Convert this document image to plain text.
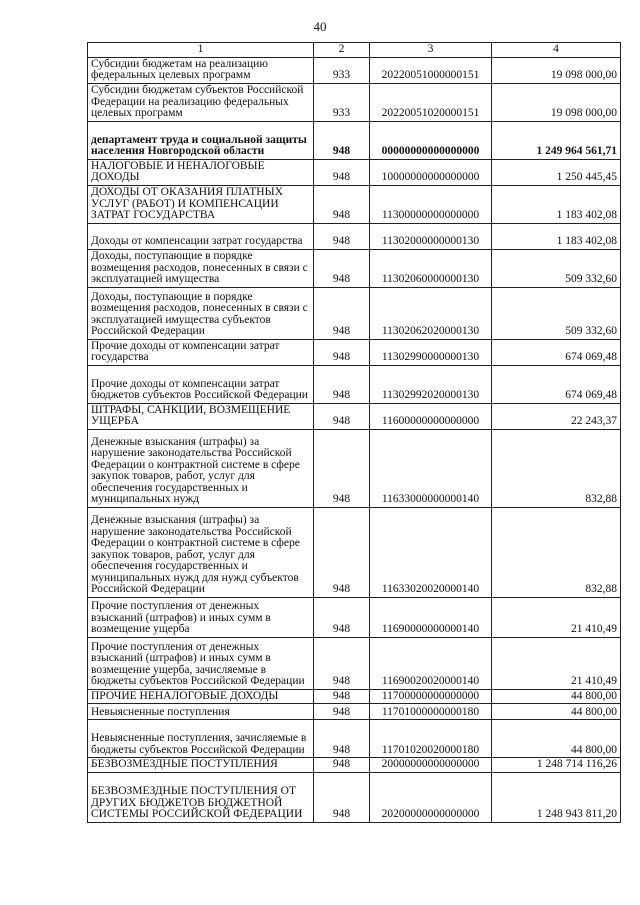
40
1	2	3	4
Субсидии бюджетам на реализацию федеральных целевых программ	933	20220051000000151	19 098 000,00
Субсидии бюджетам субъектов Российской Федерации на реализацию федеральных целевых программ	933	20220051020000151	19 098 000,00
департамент труда и социальной защиты населения Новгородской области	948	00000000000000000	1 249 964 561,71
НАЛОГОВЫЕ И НЕНАЛОГОВЫЕ ДОХОДЫ	948	10000000000000000	1 250 445,45
ДОХОДЫ ОТ ОКАЗАНИЯ ПЛАТНЫХ УСЛУГ (РАБОТ) И КОМПЕНСАЦИИ ЗАТРАТ ГОСУДАРСТВА	948	11300000000000000	1 183 402,08
Доходы от компенсации затрат государства	948	11302000000000130	1 183 402,08
Доходы, поступающие в порядке возмещения расходов, понесенных в связи с эксплуатацией имущества	948	11302060000000130	509 332,60
Доходы, поступающие в порядке возмещения расходов, понесенных в связи с эксплуатацией имущества субъектов Российской Федерации	948	11302062020000130	509 332,60
Прочие доходы от компенсации затрат государства	948	11302990000000130	674 069,48
Прочие доходы от компенсации затрат бюджетов субъектов Российской Федерации	948	11302992020000130	674 069,48
ШТРАФЫ, САНКЦИИ, ВОЗМЕЩЕНИЕ УЩЕРБА	948	11600000000000000	22 243,37
Денежные взыскания (штрафы) за нарушение законодательства Российской Федерации о контрактной системе в сфере закупок товаров, работ, услуг для обеспечения государственных и муниципальных нужд	948	11633000000000140	832,88
Денежные взыскания (штрафы) за нарушение законодательства Российской Федерации о контрактной системе в сфере закупок товаров, работ, услуг для обеспечения государственных и муниципальных нужд для нужд субъектов Российской Федерации	948	11633020020000140	832,88
Прочие поступления от денежных взысканий (штрафов) и иных сумм в возмещение ущерба	948	11690000000000140	21 410,49
Прочие поступления от денежных взысканий (штрафов) и иных сумм в возмещение ущерба, зачисляемые в бюджеты субъектов Российской Федерации	948	11690020020000140	21 410,49
ПРОЧИЕ НЕНАЛОГОВЫЕ ДОХОДЫ	948	11700000000000000	44 800,00
Невыясненные поступления	948	11701000000000180	44 800,00
Невыясненные поступления, зачисляемые в бюджеты субъектов Российской Федерации	948	11701020020000180	44 800,00
БЕЗВОЗМЕЗДНЫЕ ПОСТУПЛЕНИЯ	948	20000000000000000	1 248 714 116,26
БЕЗВОЗМЕЗДНЫЕ ПОСТУПЛЕНИЯ ОТ ДРУГИХ БЮДЖЕТОВ БЮДЖЕТНОЙ СИСТЕМЫ РОССИЙСКОЙ ФЕДЕРАЦИИ	948	20200000000000000	1 248 943 811,20
